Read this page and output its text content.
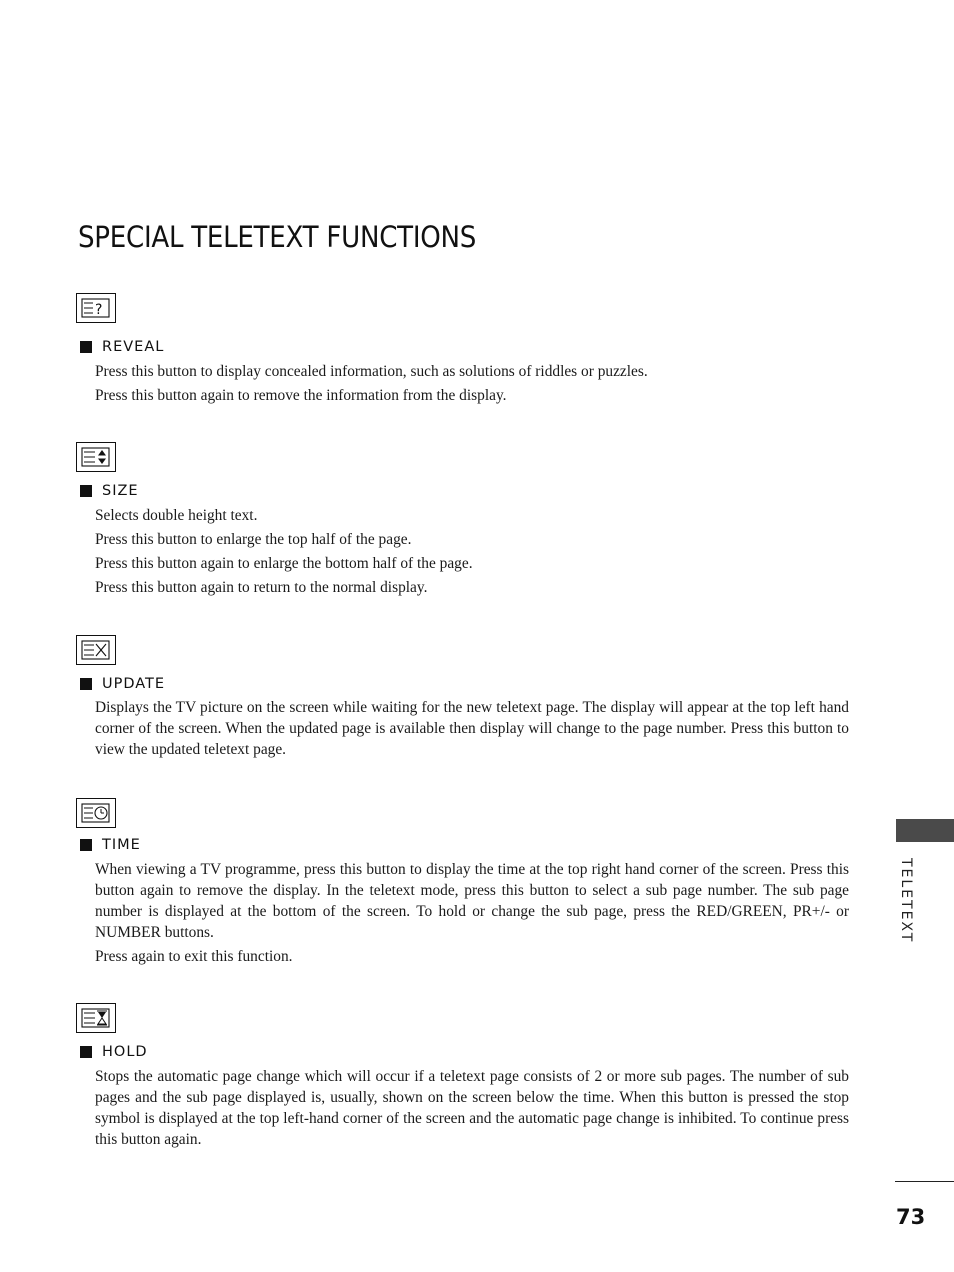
SPECIAL TELETEXT FUNCTIONS
?
REVEAL

Press this button to display concealed information, such as solutions of riddles or puzzles.

Press this button again to remove the information from the display.

SIZE

Selects double height text.

Press this button to enlarge the top half of the page.

Press this button again to enlarge the bottom half of the page.

Press this button again to return to the normal display.

UPDATE

Displays the TV picture on the screen while waiting for the new teletext page. The display will appear at the top left hand corner of the screen. When the updated page is available then display will change to the page number. Press this button to view the updated teletext page.

TIME

When viewing a TV programme, press this button to display the time at the top right hand corner of the screen. Press this button again to remove the display. In the teletext mode, press this button to select a sub page number. The sub page number is displayed at the bottom of the screen. To hold or change the sub page, press the RED/GREEN, PR+/- or NUMBER buttons.

Press again to exit this function.

HOLD

Stops the automatic page change which will occur if a teletext page consists of 2 or more sub pages. The number of sub pages and the sub page displayed is, usually, shown on the screen below the time. When this button is pressed the stop symbol is displayed at the top left-hand corner of the screen and the automatic page change is inhibited. To continue press this button again.

TELETEXT
73
